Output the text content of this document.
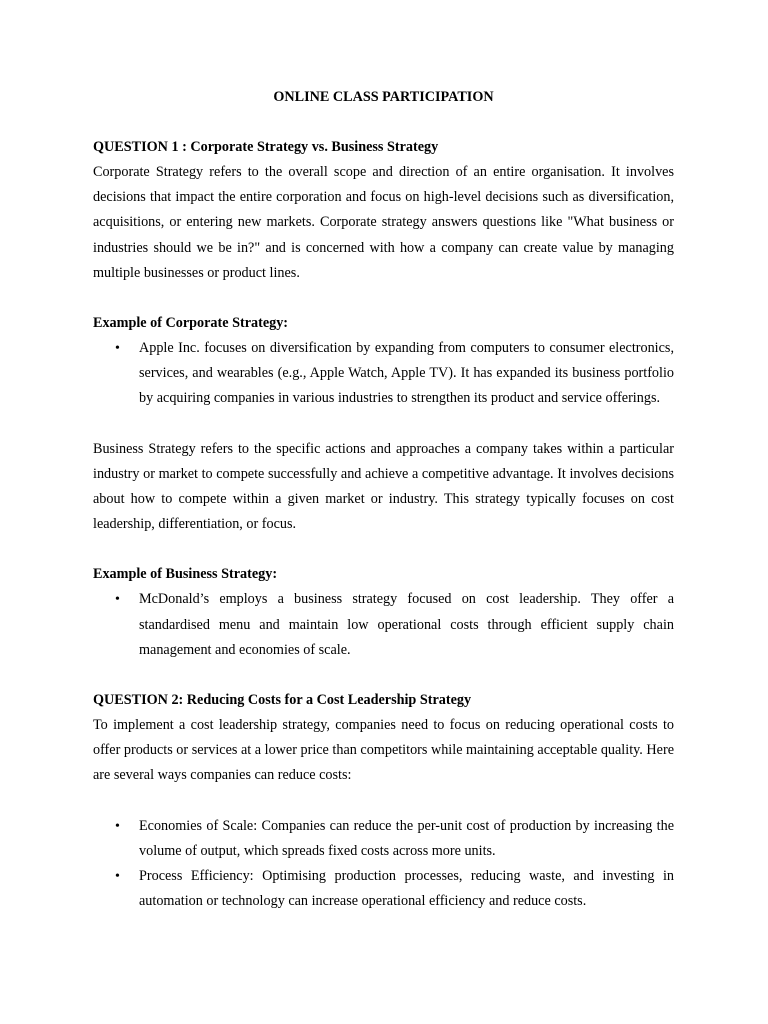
ONLINE CLASS PARTICIPATION
QUESTION 1 : Corporate Strategy vs. Business Strategy

Corporate Strategy refers to the overall scope and direction of an entire organisation. It involves decisions that impact the entire corporation and focus on high-level decisions such as diversification, acquisitions, or entering new markets. Corporate strategy answers questions like "What business or industries should we be in?" and is concerned with how a company can create value by managing multiple businesses or product lines.

Example of Corporate Strategy:
• Apple Inc. focuses on diversification by expanding from computers to consumer electronics, services, and wearables (e.g., Apple Watch, Apple TV). It has expanded its business portfolio by acquiring companies in various industries to strengthen its product and service offerings.

Business Strategy refers to the specific actions and approaches a company takes within a particular industry or market to compete successfully and achieve a competitive advantage. It involves decisions about how to compete within a given market or industry. This strategy typically focuses on cost leadership, differentiation, or focus.

Example of Business Strategy:
• McDonald’s employs a business strategy focused on cost leadership. They offer a standardised menu and maintain low operational costs through efficient supply chain management and economies of scale.
QUESTION 2: Reducing Costs for a Cost Leadership Strategy

To implement a cost leadership strategy, companies need to focus on reducing operational costs to offer products or services at a lower price than competitors while maintaining acceptable quality. Here are several ways companies can reduce costs:

• Economies of Scale: Companies can reduce the per-unit cost of production by increasing the volume of output, which spreads fixed costs across more units.
• Process Efficiency: Optimising production processes, reducing waste, and investing in automation or technology can increase operational efficiency and reduce costs.
